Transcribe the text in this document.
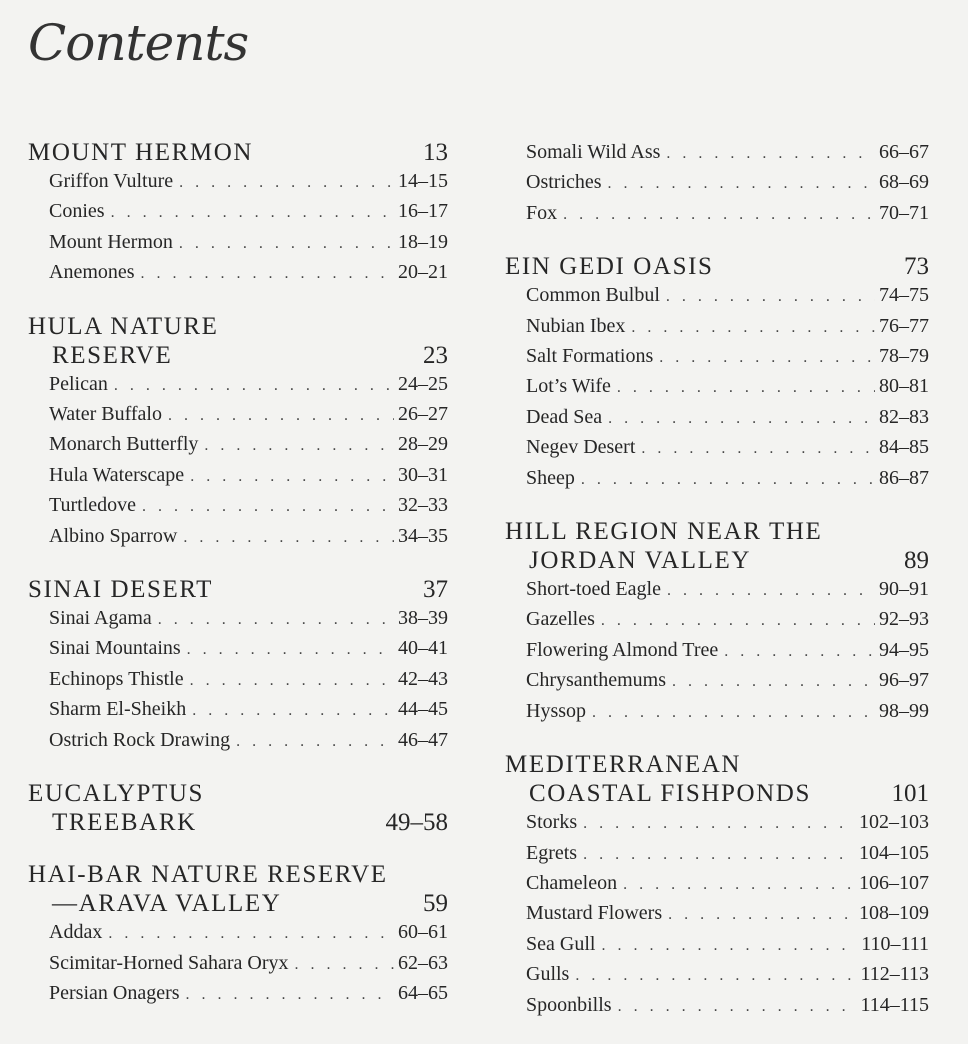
Contents
MOUNT HERMON	13
Griffon Vulture . . .	14–15
Conies . . .	16–17
Mount Hermon . . .	18–19
Anemones . . .	20–21
HULA NATURE
RESERVE	23
Pelican . . .	24–25
Water Buffalo . . .	26–27
Monarch Butterfly . . .	28–29
Hula Waterscape . . .	30–31
Turtledove . . .	32–33
Albino Sparrow . . .	34–35
SINAI DESERT	37
Sinai Agama . . .	38–39
Sinai Mountains . . .	40–41
Echinops Thistle . . .	42–43
Sharm El-Sheikh . . .	44–45
Ostrich Rock Drawing . . .	46–47
EUCALYPTUS
TREEBARK	49–58
HAI-BAR NATURE RESERVE
—ARAVA VALLEY	59
Addax . . .	60–61
Scimitar-Horned Sahara Oryx . . .	62–63
Persian Onagers . . .	64–65
Somali Wild Ass . . .	66–67
Ostriches . . .	68–69
Fox . . .	70–71
EIN GEDI OASIS	73
Common Bulbul . . .	74–75
Nubian Ibex . . .	76–77
Salt Formations . . .	78–79
Lot’s Wife . . .	80–81
Dead Sea . . .	82–83
Negev Desert . . .	84–85
Sheep . . .	86–87
HILL REGION NEAR THE
JORDAN VALLEY	89
Short-toed Eagle . . .	90–91
Gazelles . . .	92–93
Flowering Almond Tree . . .	94–95
Chrysanthemums . . .	96–97
Hyssop . . .	98–99
MEDITERRANEAN
COASTAL FISHPONDS	101
Storks . . .	102–103
Egrets . . .	104–105
Chameleon . . .	106–107
Mustard Flowers . . .	108–109
Sea Gull . . .	110–111
Gulls . . .	112–113
Spoonbills . . .	114–115
